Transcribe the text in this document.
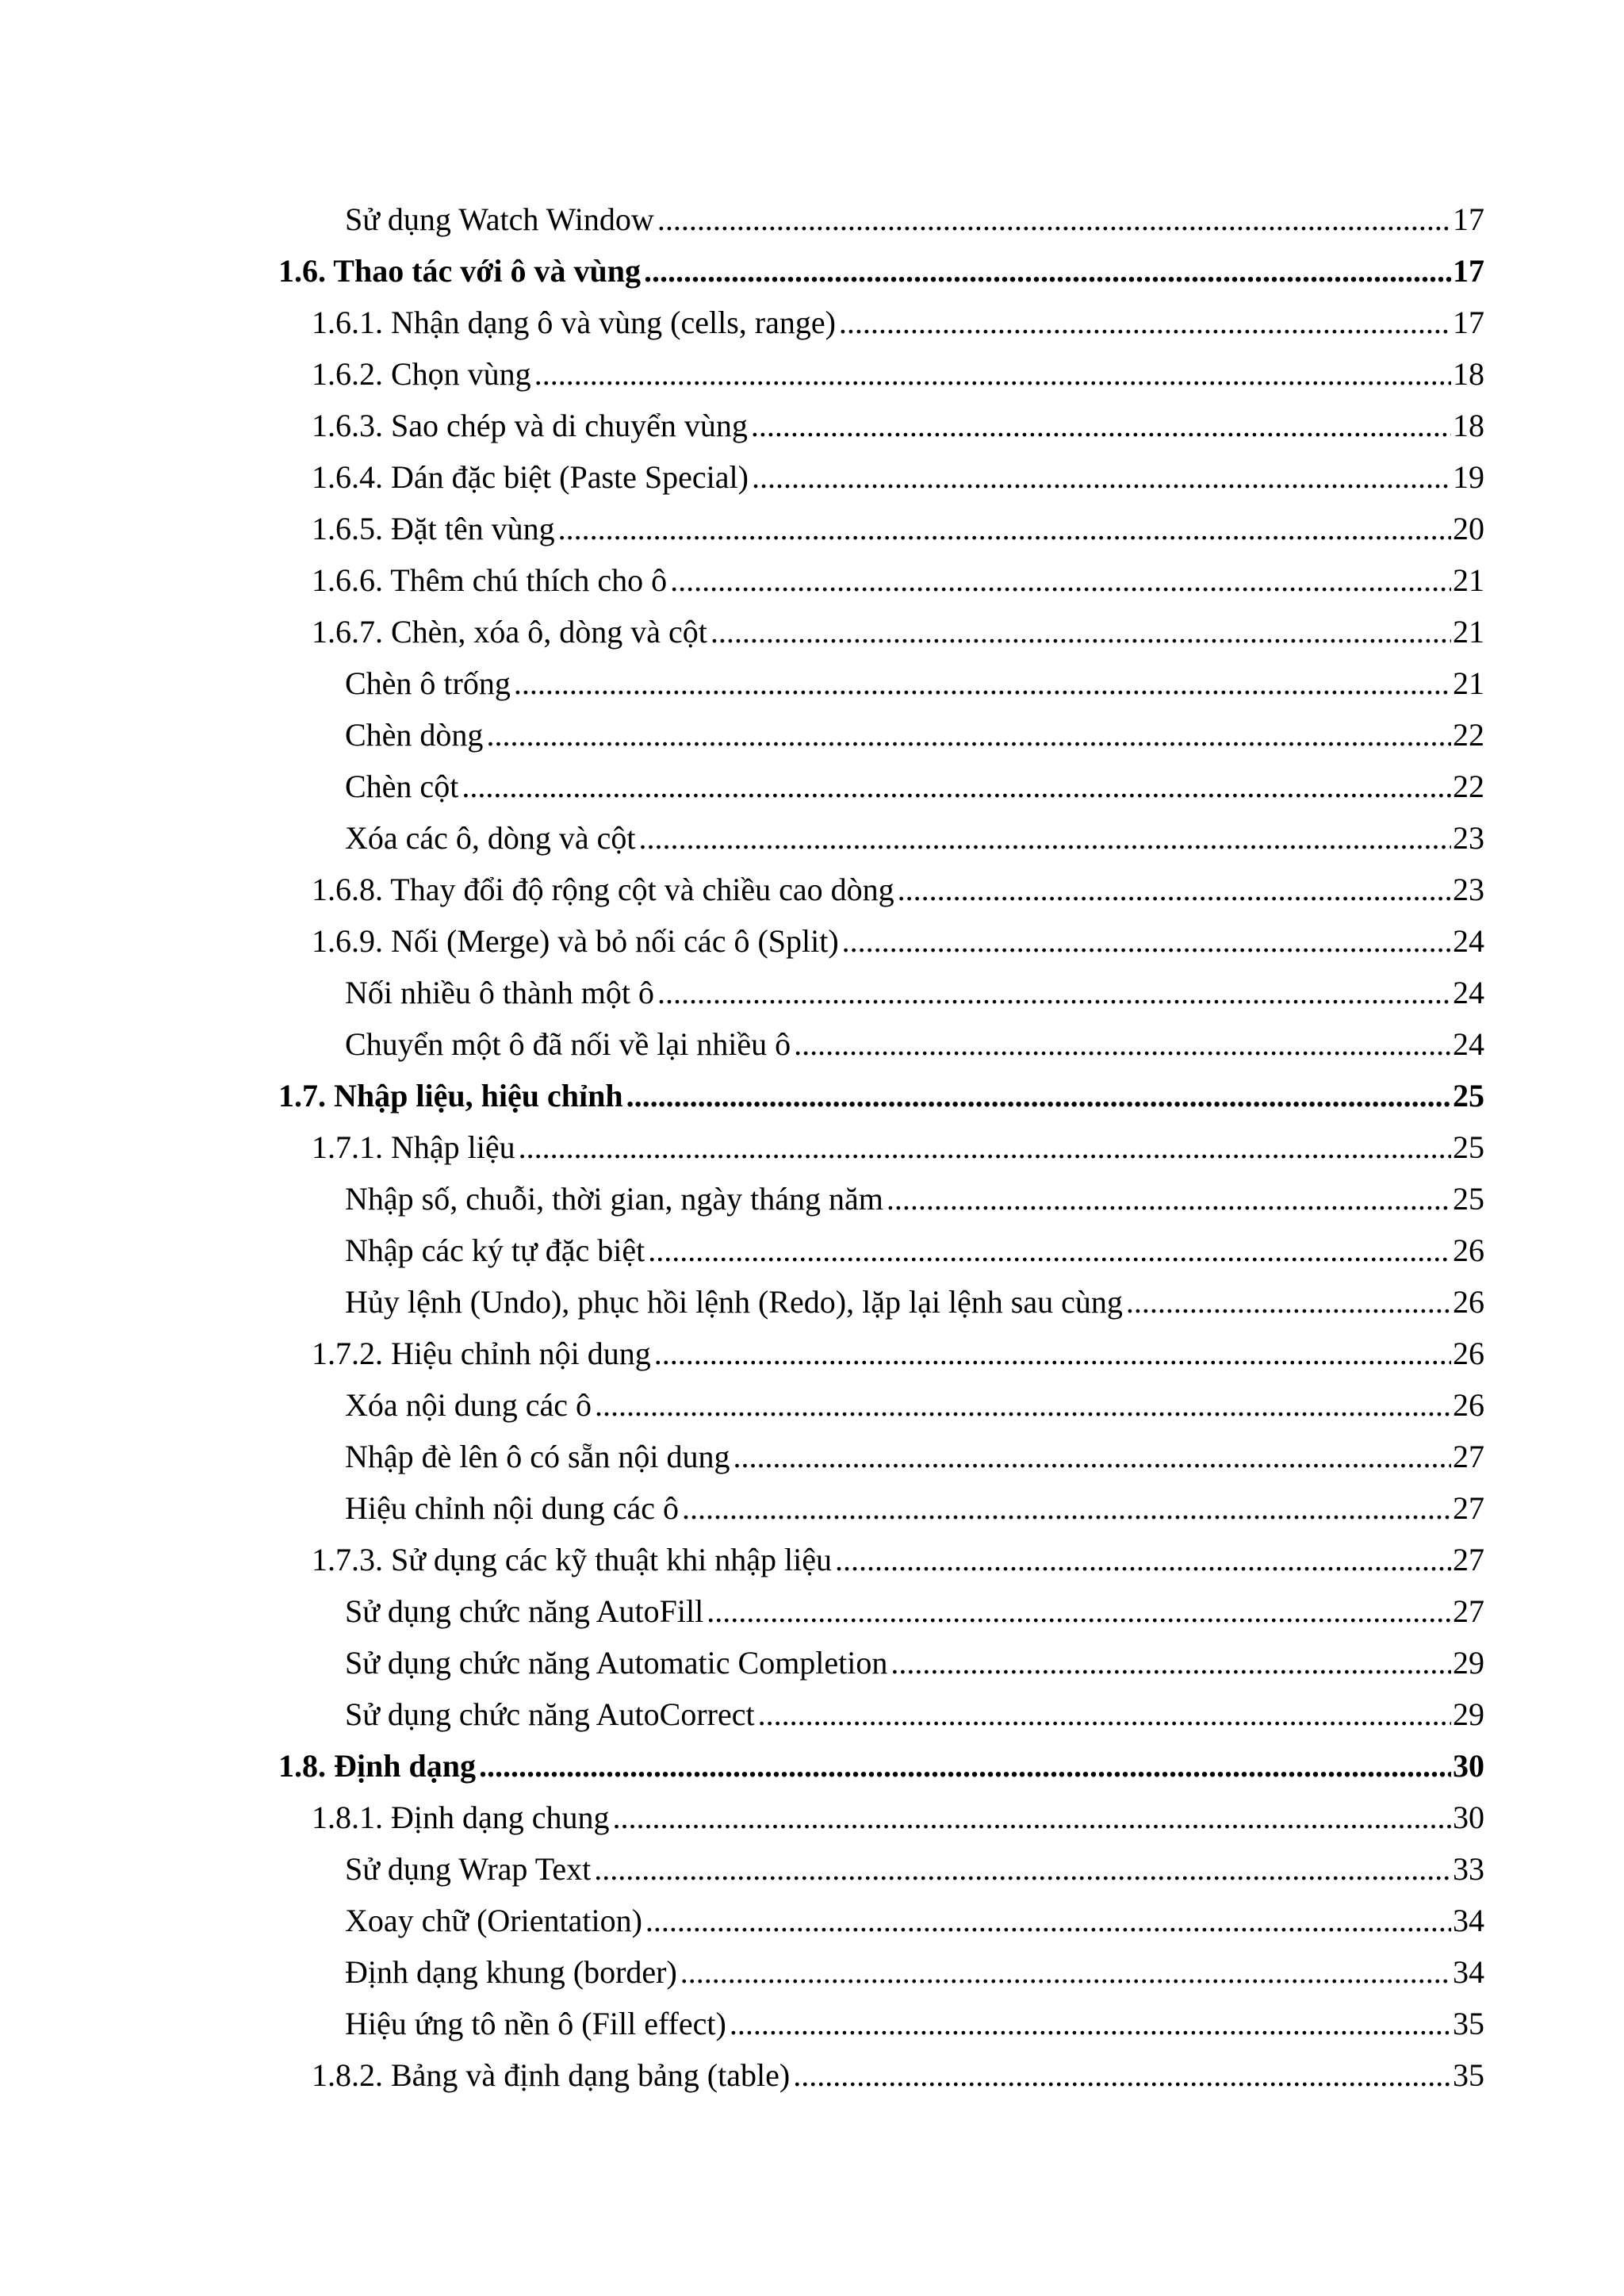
Sử dụng Watch Window .....	17
1.6. Thao tác với ô và vùng .....	17
1.6.1. Nhận dạng ô và vùng (cells, range) .....	17
1.6.2. Chọn vùng .....	18
1.6.3. Sao chép và di chuyển vùng .....	18
1.6.4. Dán đặc biệt (Paste Special) .....	19
1.6.5. Đặt tên vùng .....	20
1.6.6. Thêm chú thích cho ô .....	21
1.6.7. Chèn, xóa ô, dòng và cột .....	21
Chèn ô trống .....	21
Chèn dòng .....	22
Chèn cột .....	22
Xóa các ô, dòng và cột .....	23
1.6.8. Thay đổi độ rộng cột và chiều cao dòng .....	23
1.6.9. Nối (Merge) và bỏ nối các ô (Split) .....	24
Nối nhiều ô thành một ô .....	24
Chuyển một ô đã nối về lại nhiều ô .....	24
1.7. Nhập liệu, hiệu chỉnh .....	25
1.7.1. Nhập liệu .....	25
Nhập số, chuỗi, thời gian, ngày tháng năm .....	25
Nhập các ký tự đặc biệt .....	26
Hủy lệnh (Undo), phục hồi lệnh (Redo), lặp lại lệnh sau cùng .....	26
1.7.2. Hiệu chỉnh nội dung .....	26
Xóa nội dung các ô .....	26
Nhập đè lên ô có sẵn nội dung .....	27
Hiệu chỉnh nội dung các ô .....	27
1.7.3. Sử dụng các kỹ thuật khi nhập liệu .....	27
Sử dụng chức năng AutoFill .....	27
Sử dụng chức năng Automatic Completion .....	29
Sử dụng chức năng AutoCorrect .....	29
1.8. Định dạng .....	30
1.8.1. Định dạng chung .....	30
Sử dụng Wrap Text .....	33
Xoay chữ (Orientation) .....	34
Định dạng khung (border) .....	34
Hiệu ứng tô nền ô (Fill effect) .....	35
1.8.2. Bảng và định dạng bảng (table) .....	35
